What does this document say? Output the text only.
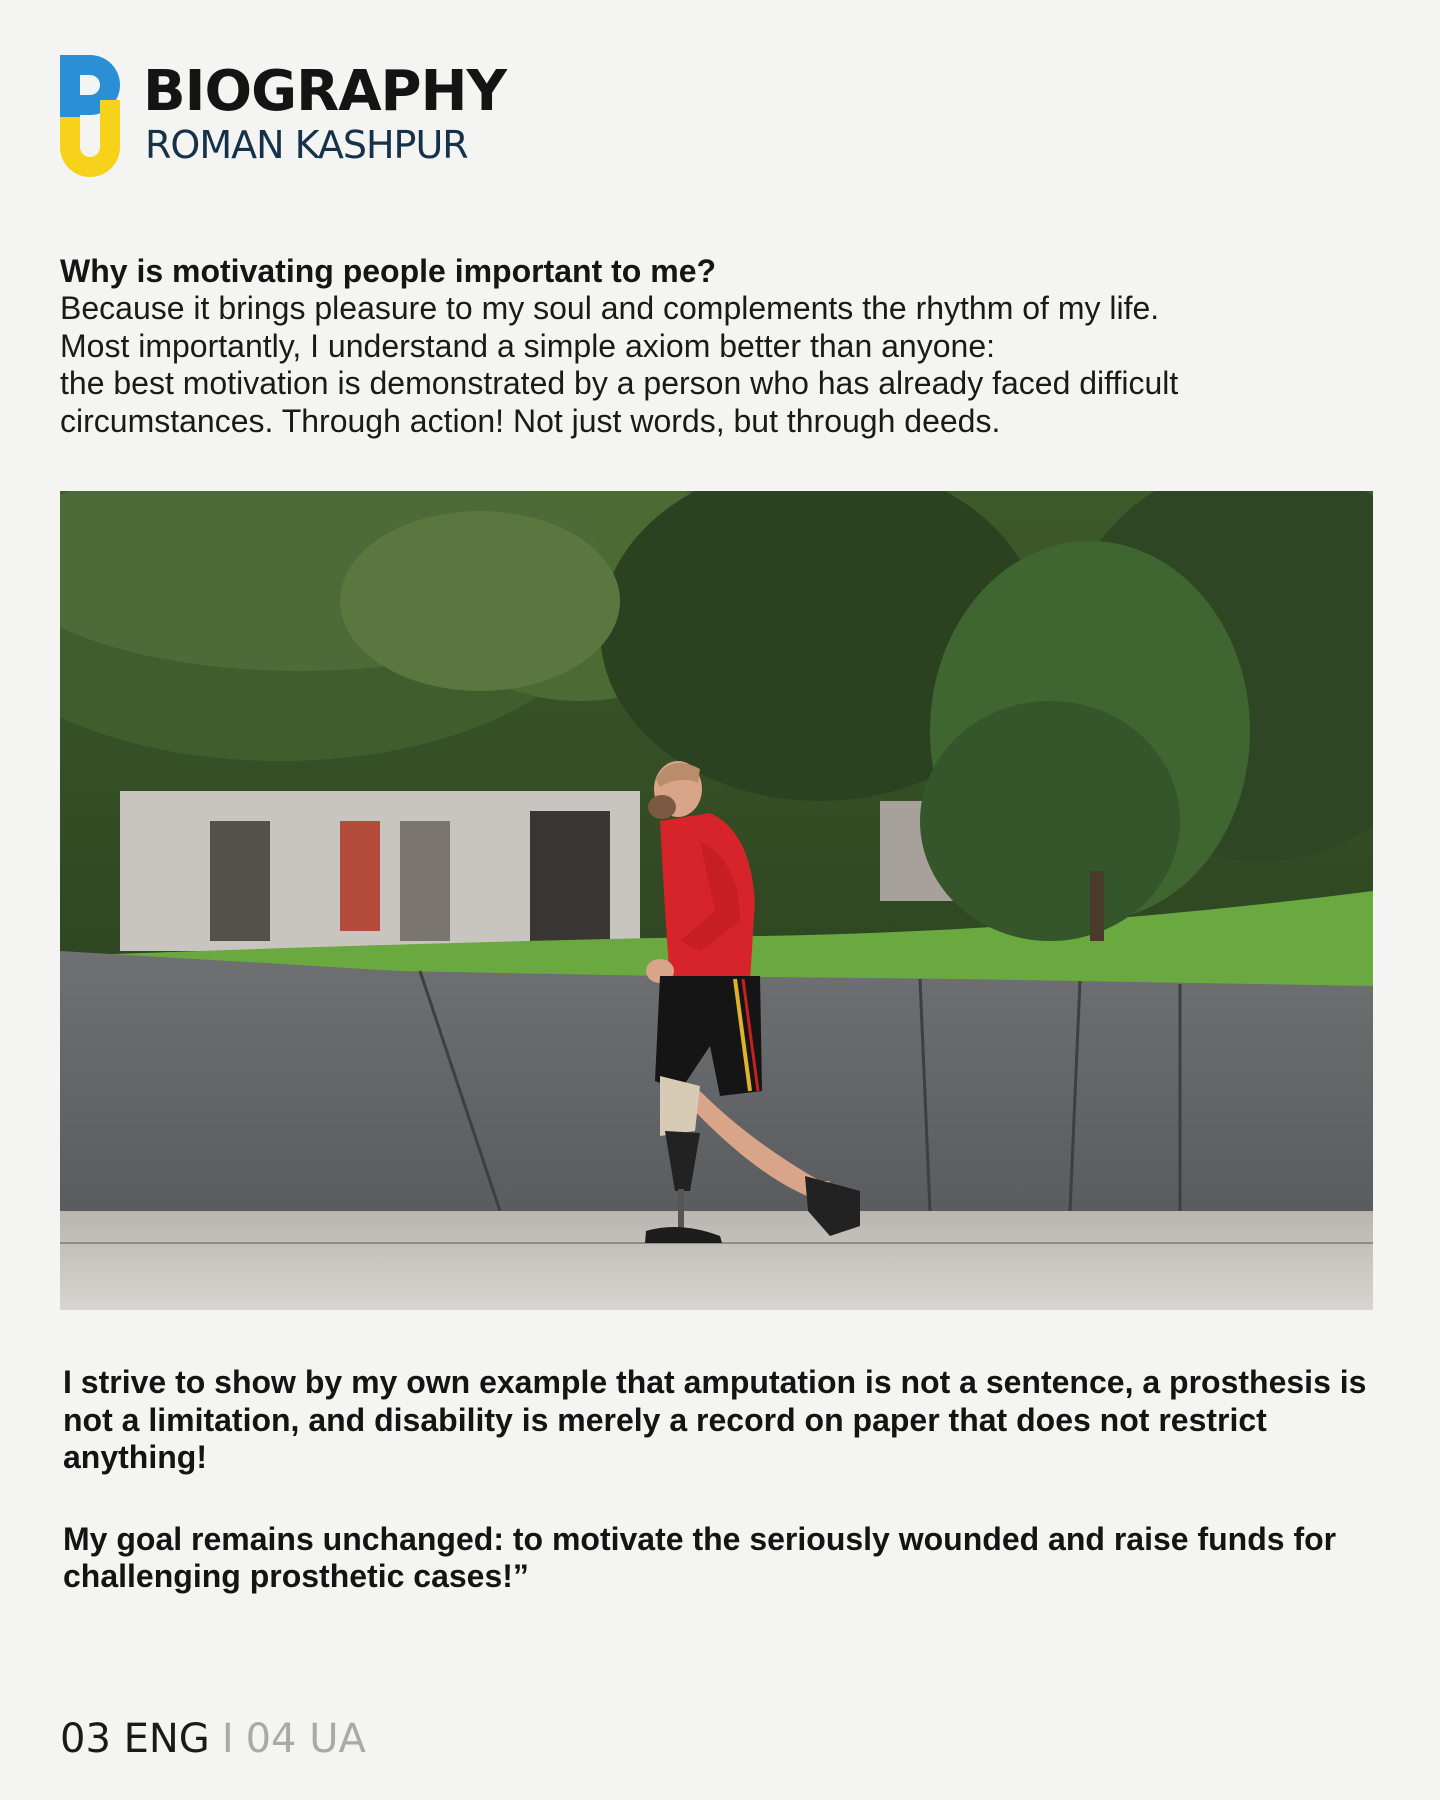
BIOGRAPHY
ROMAN KASHPUR

Why is motivating people important to me?

Because it brings pleasure to my soul and complements the rhythm of my life.

Most importantly, I understand a simple axiom better than anyone:

the best motivation is demonstrated by a person who has already faced difficult

circumstances. Through action! Not just words, but through deeds.

I strive to show by my own example that amputation is not a sentence, a prosthesis is not a limitation, and disability is merely a record on paper that does not restrict anything!

My goal remains unchanged: to motivate the seriously wounded and raise funds for challenging prosthetic cases!”

03 ENG I 04 UA
